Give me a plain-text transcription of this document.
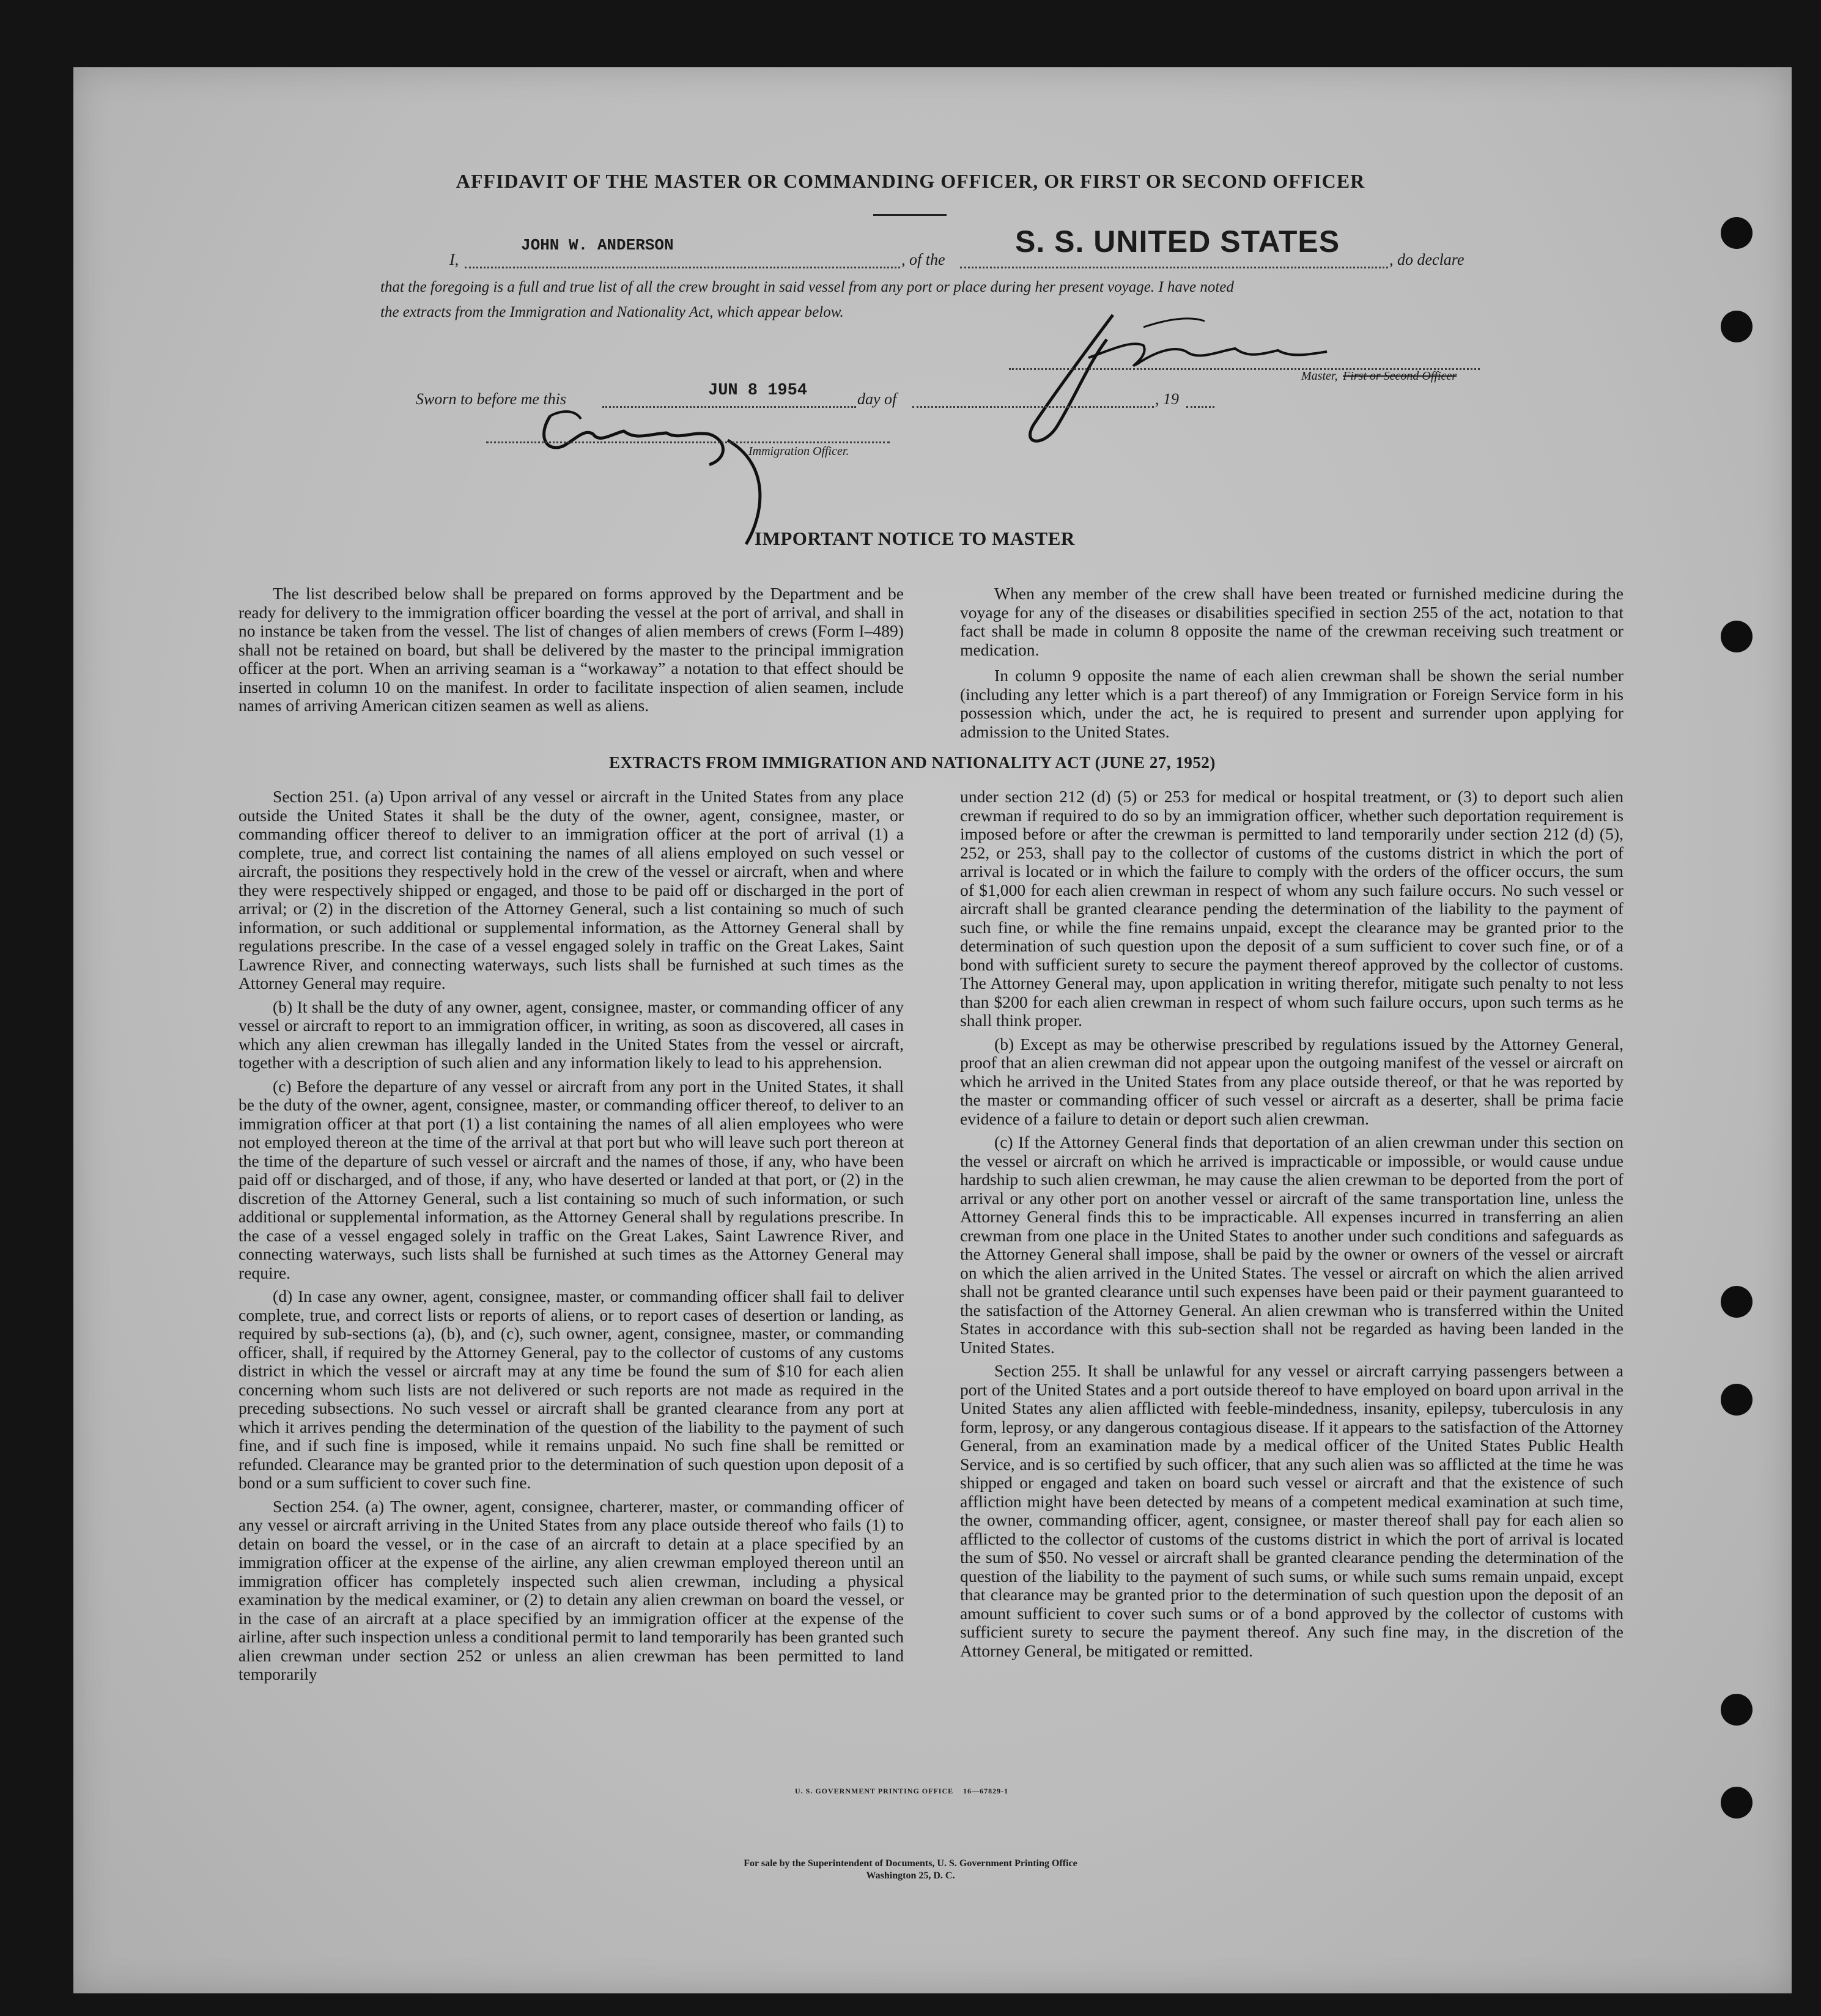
AFFIDAVIT OF THE MASTER OR COMMANDING OFFICER, OR FIRST OR SECOND OFFICER
I,
JOHN W. ANDERSON
, of the
S. S. UNITED STATES
, do declare
that the foregoing is a full and true list of all the crew brought in said vessel from any port or place during her present voyage. I have noted
the extracts from the Immigration and Nationality Act, which appear below.
Master, First or Second Officer
Sworn to before me this	JUN 8 1954	day of	, 19
Immigration Officer.
IMPORTANT NOTICE TO MASTER

The list described below shall be prepared on forms approved by the Department and be ready for delivery to the immigration officer boarding the vessel at the port of arrival, and shall in no instance be taken from the vessel. The list of changes of alien members of crews (Form I–489) shall not be retained on board, but shall be delivered by the master to the principal immigration officer at the port. When an arriving seaman is a “workaway” a notation to that effect should be inserted in column 10 on the manifest. In order to facilitate inspection of alien seamen, include names of arriving American citizen seamen as well as aliens.

When any member of the crew shall have been treated or furnished medicine during the voyage for any of the diseases or disabilities specified in section 255 of the act, notation to that fact shall be made in column 8 opposite the name of the crewman receiving such treatment or medication.

In column 9 opposite the name of each alien crewman shall be shown the serial number (including any letter which is a part thereof) of any Immigration or Foreign Service form in his possession which, under the act, he is required to present and surrender upon applying for admission to the United States.

EXTRACTS FROM IMMIGRATION AND NATIONALITY ACT (JUNE 27, 1952)

Section 251. (a) Upon arrival of any vessel or aircraft in the United States from any place outside the United States it shall be the duty of the owner, agent, consignee, master, or commanding officer thereof to deliver to an immigration officer at the port of arrival (1) a complete, true, and correct list containing the names of all aliens employed on such vessel or aircraft, the positions they respectively hold in the crew of the vessel or aircraft, when and where they were respectively shipped or engaged, and those to be paid off or discharged in the port of arrival; or (2) in the discretion of the Attorney General, such a list containing so much of such information, or such additional or supplemental information, as the Attorney General shall by regulations prescribe. In the case of a vessel engaged solely in traffic on the Great Lakes, Saint Lawrence River, and connecting waterways, such lists shall be furnished at such times as the Attorney General may require.

(b) It shall be the duty of any owner, agent, consignee, master, or commanding officer of any vessel or aircraft to report to an immigration officer, in writing, as soon as discovered, all cases in which any alien crewman has illegally landed in the United States from the vessel or aircraft, together with a description of such alien and any information likely to lead to his apprehension.

(c) Before the departure of any vessel or aircraft from any port in the United States, it shall be the duty of the owner, agent, consignee, master, or commanding officer thereof, to deliver to an immigration officer at that port (1) a list containing the names of all alien employees who were not employed thereon at the time of the arrival at that port but who will leave such port thereon at the time of the departure of such vessel or aircraft and the names of those, if any, who have been paid off or discharged, and of those, if any, who have deserted or landed at that port, or (2) in the discretion of the Attorney General, such a list containing so much of such information, or such additional or supplemental information, as the Attorney General shall by regulations prescribe. In the case of a vessel engaged solely in traffic on the Great Lakes, Saint Lawrence River, and connecting waterways, such lists shall be furnished at such times as the Attorney General may require.

(d) In case any owner, agent, consignee, master, or commanding officer shall fail to deliver complete, true, and correct lists or reports of aliens, or to report cases of desertion or landing, as required by sub-sections (a), (b), and (c), such owner, agent, consignee, master, or commanding officer, shall, if required by the Attorney General, pay to the collector of customs of any customs district in which the vessel or aircraft may at any time be found the sum of $10 for each alien concerning whom such lists are not delivered or such reports are not made as required in the preceding subsections. No such vessel or aircraft shall be granted clearance from any port at which it arrives pending the determination of the question of the liability to the payment of such fine, and if such fine is imposed, while it remains unpaid. No such fine shall be remitted or refunded. Clearance may be granted prior to the determination of such question upon deposit of a bond or a sum sufficient to cover such fine.

Section 254. (a) The owner, agent, consignee, charterer, master, or commanding officer of any vessel or aircraft arriving in the United States from any place outside thereof who fails (1) to detain on board the vessel, or in the case of an aircraft to detain at a place specified by an immigration officer at the expense of the airline, any alien crewman employed thereon until an immigration officer has completely inspected such alien crewman, including a physical examination by the medical examiner, or (2) to detain any alien crewman on board the vessel, or in the case of an aircraft at a place specified by an immigration officer at the expense of the airline, after such inspection unless a conditional permit to land temporarily has been granted such alien crewman under section 252 or unless an alien crewman has been permitted to land temporarily

under section 212 (d) (5) or 253 for medical or hospital treatment, or (3) to deport such alien crewman if required to do so by an immigration officer, whether such deportation requirement is imposed before or after the crewman is permitted to land temporarily under section 212 (d) (5), 252, or 253, shall pay to the collector of customs of the customs district in which the port of arrival is located or in which the failure to comply with the orders of the officer occurs, the sum of $1,000 for each alien crewman in respect of whom any such failure occurs. No such vessel or aircraft shall be granted clearance pending the determination of the liability to the payment of such fine, or while the fine remains unpaid, except the clearance may be granted prior to the determination of such question upon the deposit of a sum sufficient to cover such fine, or of a bond with sufficient surety to secure the payment thereof approved by the collector of customs. The Attorney General may, upon application in writing therefor, mitigate such penalty to not less than $200 for each alien crewman in respect of whom such failure occurs, upon such terms as he shall think proper.

(b) Except as may be otherwise prescribed by regulations issued by the Attorney General, proof that an alien crewman did not appear upon the outgoing manifest of the vessel or aircraft on which he arrived in the United States from any place outside thereof, or that he was reported by the master or commanding officer of such vessel or aircraft as a deserter, shall be prima facie evidence of a failure to detain or deport such alien crewman.

(c) If the Attorney General finds that deportation of an alien crewman under this section on the vessel or aircraft on which he arrived is impracticable or impossible, or would cause undue hardship to such alien crewman, he may cause the alien crewman to be deported from the port of arrival or any other port on another vessel or aircraft of the same transportation line, unless the Attorney General finds this to be impracticable. All expenses incurred in transferring an alien crewman from one place in the United States to another under such conditions and safeguards as the Attorney General shall impose, shall be paid by the owner or owners of the vessel or aircraft on which the alien arrived in the United States. The vessel or aircraft on which the alien arrived shall not be granted clearance until such expenses have been paid or their payment guaranteed to the satisfaction of the Attorney General. An alien crewman who is transferred within the United States in accordance with this sub-section shall not be regarded as having been landed in the United States.

Section 255. It shall be unlawful for any vessel or aircraft carrying passengers between a port of the United States and a port outside thereof to have employed on board upon arrival in the United States any alien afflicted with feeble-mindedness, insanity, epilepsy, tuberculosis in any form, leprosy, or any dangerous contagious disease. If it appears to the satisfaction of the Attorney General, from an examination made by a medical officer of the United States Public Health Service, and is so certified by such officer, that any such alien was so afflicted at the time he was shipped or engaged and taken on board such vessel or aircraft and that the existence of such affliction might have been detected by means of a competent medical examination at such time, the owner, commanding officer, agent, consignee, or master thereof shall pay for each alien so afflicted to the collector of customs of the customs district in which the port of arrival is located the sum of $50. No vessel or aircraft shall be granted clearance pending the determination of the question of the liability to the payment of such sums, or while such sums remain unpaid, except that clearance may be granted prior to the determination of such question upon the deposit of an amount sufficient to cover such sums or of a bond approved by the collector of customs with sufficient surety to secure the payment thereof. Any such fine may, in the discretion of the Attorney General, be mitigated or remitted.

U. S. GOVERNMENT PRINTING OFFICE    16—67829-1
For sale by the Superintendent of Documents, U. S. Government Printing Office
Washington 25, D. C.
